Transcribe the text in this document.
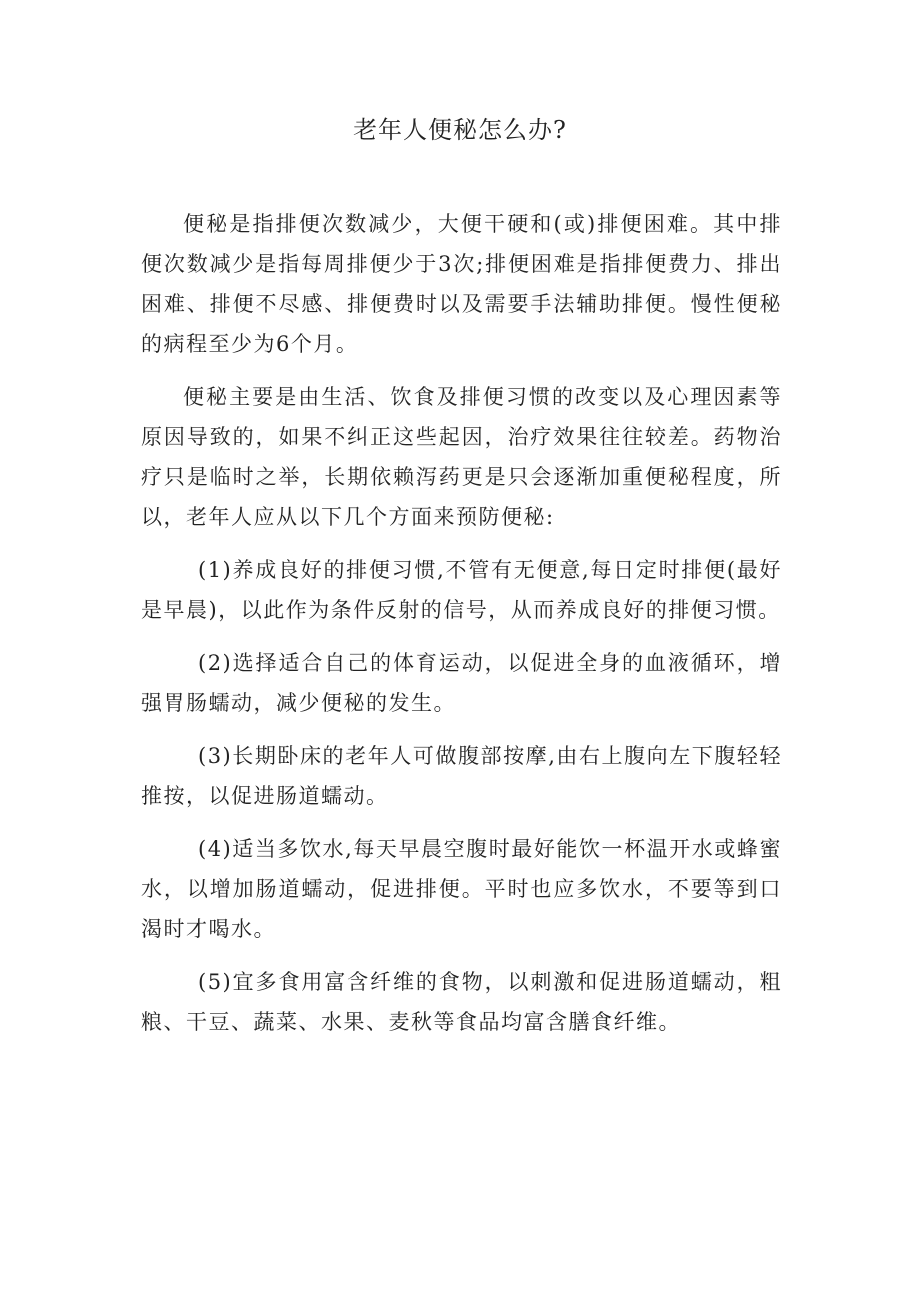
老年人便秘怎么办?

便秘是指排便次数减少，大便干硬和(或)排便困难。其中排便次数减少是指每周排便少于3次;排便困难是指排便费力、排出困难、排便不尽感、排便费时以及需要手法辅助排便。慢性便秘的病程至少为6个月。

便秘主要是由生活、饮食及排便习惯的改变以及心理因素等原因导致的，如果不纠正这些起因，治疗效果往往较差。药物治疗只是临时之举，长期依赖泻药更是只会逐渐加重便秘程度，所以，老年人应从以下几个方面来预防便秘:

(1)养成良好的排便习惯,不管有无便意,每日定时排便(最好是早晨)，以此作为条件反射的信号，从而养成良好的排便习惯。

(2)选择适合自己的体育运动，以促进全身的血液循环，增强胃肠蠕动，减少便秘的发生。

(3)长期卧床的老年人可做腹部按摩,由右上腹向左下腹轻轻推按，以促进肠道蠕动。

(4)适当多饮水,每天早晨空腹时最好能饮一杯温开水或蜂蜜水，以增加肠道蠕动，促进排便。平时也应多饮水，不要等到口渴时才喝水。

(5)宜多食用富含纤维的食物，以刺激和促进肠道蠕动，粗粮、干豆、蔬菜、水果、麦秋等食品均富含膳食纤维。
